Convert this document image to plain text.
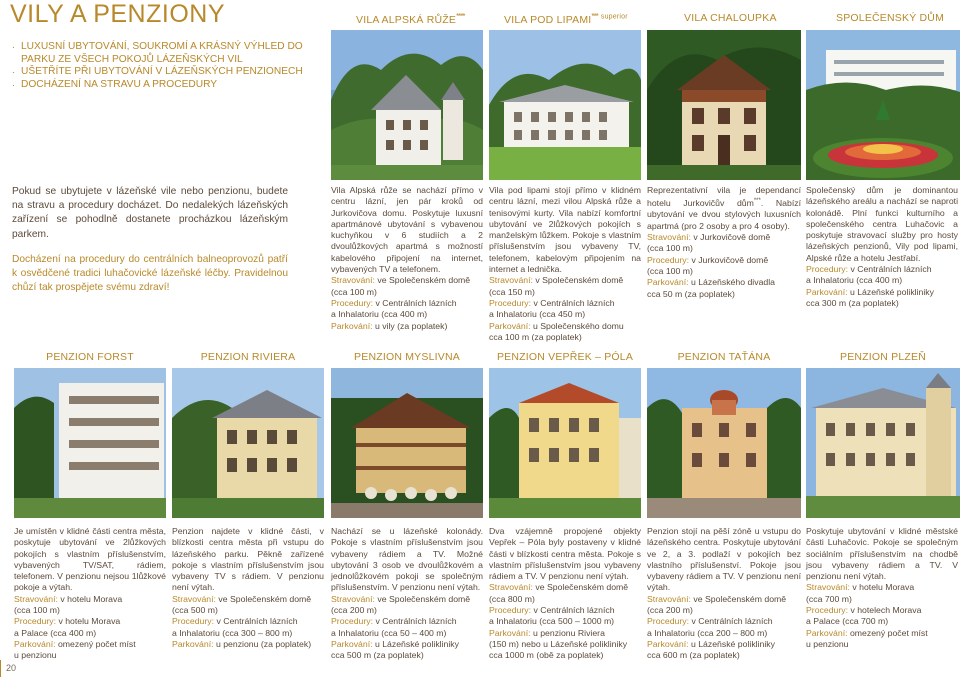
VILY A PENZIONY
. LUXUSNÍ UBYTOVÁNÍ, SOUKROMÍ A KRÁSNÝ VÝHLED DO PARKU ZE VŠECH POKOJŮ LÁZEŇSKÝCH VIL
. UŠETŘÍTE PŘI UBYTOVÁNÍ V LÁZEŇSKÝCH PENZIONECH
. DOCHÁZENÍ NA STRAVU A PROCEDURY
VILA ALPSKÁ RŮŽE****	VILA POD LIPAMI*** $^{superior}$	VILA CHALOUPKA	SPOLEČENSKÝ DŮM

Pokud se ubytujete v lázeňské vile nebo penzionu, budete na stravu a procedury docházet. Do nedalekých lázeňských zařízení se pohodlně dostanete procházkou lázeňským parkem.

Docházení na procedury do centrálních balneoprovozů patří k osvědčené tradici luhačovické lázeňské léčby. Pravidelnou chůzí tak prospějete svému zdraví!

Vila Alpská růže se nachází přímo v centru lázní, jen pár kroků od Jurkovičova domu. Poskytuje luxusní apartmánové ubytování s vybavenou kuchyňkou v 6 studiích a 2 dvoulůžkových apartmá s možností kabelového připojení na internet, vybavených TV a telefonem.
Stravování: ve Společenském domě
(cca 100 m)
Procedury: v Centrálních lázních
a Inhalatoriu (cca 400 m)
Parkování: u vily (za poplatek)
Vila pod lipami stojí přímo v klidném centru lázní, mezi vilou Alpská růže a tenisovými kurty. Vila nabízí komfortní ubytování ve 2lůžkových pokojích s manželským lůžkem. Pokoje s vlastním příslušenstvím jsou vybaveny TV, telefonem, kabelovým připojením na internet a lednička.
Stravování: v Společenském domě
(cca 150 m)
Procedury: v Centrálních lázních
a Inhalatoriu (cca 450 m)
Parkování: u Společenského domu
cca 100 m (za poplatek)
Reprezentativní vila je dependancí hotelu Jurkovičův dům***. Nabízí ubytování ve dvou stylových luxusních apartmá (pro 2 osoby a pro 4 osoby).
Stravování: v Jurkovičově domě
(cca 100 m)
Procedury: v Jurkovičově domě
(cca 100 m)
Parkování: u Lázeňského divadla
cca 50 m (za poplatek)
Společenský dům je dominantou lázeňského areálu a nachází se naproti kolonádě. Plní funkci kulturního a společenského centra Luhačovic a poskytuje stravovací služby pro hosty lázeňských penzionů, Vily pod lipami, Alpské růže a hotelu Jestřabí.
Procedury: v Centrálních lázních
a Inhalatoriu (cca 400 m)
Parkování: u Lázeňské polikliniky
cca 300 m (za poplatek)
PENZION FORST	PENZION RIVIERA	PENZION MYSLIVNA	PENZION VEPŘEK – PÓLA	PENZION TAŤÁNA	PENZION PLZEŇ
Je umístěn v klidné části centra města, poskytuje ubytování ve 2lůžkových pokojích s vlastním příslušenstvím, vybavených TV/SAT, rádiem, telefonem. V penzionu nejsou 1lůžkové pokoje a výtah.
Stravování: v hotelu Morava
(cca 100 m)
Procedury: v hotelu Morava
a Palace (cca 400 m)
Parkování: omezený počet míst
u penzionu
Penzion najdete v klidné části, v blízkosti centra města při vstupu do lázeňského parku. Pěkně zařízené pokoje s vlastním příslušenstvím jsou vybaveny TV s rádiem. V penzionu není výtah.
Stravování: ve Společenském domě
(cca 500 m)
Procedury: v Centrálních lázních
a Inhalatoriu (cca 300 – 800 m)
Parkování: u penzionu (za poplatek)
Nachází se u lázeňské kolonády. Pokoje s vlastním příslušenstvím jsou vybaveny rádiem a TV. Možné ubytování 3 osob ve dvoulůžkovém a jednolůžkovém pokoji se společným příslušenstvím. V penzionu není výtah.
Stravování: ve Společenském domě
(cca 200 m)
Procedury: v Centrálních lázních
a Inhalatoriu (cca 50 – 400 m)
Parkování: u Lázeňské polikliniky
cca 500 m (za poplatek)
Dva vzájemně propojené objekty Vepřek – Póla byly postaveny v klidné části v blízkosti centra města. Pokoje s vlastním příslušenstvím jsou vybaveny rádiem a TV. V penzionu není výtah.
Stravování: ve Společenském domě
(cca 800 m)
Procedury: v Centrálních lázních
a Inhalatoriu (cca 500 – 1000 m)
Parkování: u penzionu Riviera
(150 m) nebo u Lázeňské polikliniky
cca 1000 m (obě za poplatek)
Penzion stojí na pěší zóně u vstupu do lázeňského centra. Poskytuje ubytování ve 2, a 3. podlaží v pokojích bez vlastního příslušenství. Pokoje jsou vybaveny rádiem a TV. V penzionu není výtah.
Stravování: ve Společenském domě
(cca 200 m)
Procedury: v Centrálních lázních
a Inhalatoriu (cca 200 – 800 m)
Parkování: u Lázeňské polikliniky
cca 600 m (za poplatek)
Poskytuje ubytování v klidné městské části Luhačovic. Pokoje se společným sociálním příslušenstvím na chodbě jsou vybaveny rádiem a TV. V penzionu není výtah.
Stravování: v hotelu Morava
(cca 700 m)
Procedury: v hotelech Morava
a Palace (cca 700 m)
Parkování: omezený počet míst
u penzionu
20
